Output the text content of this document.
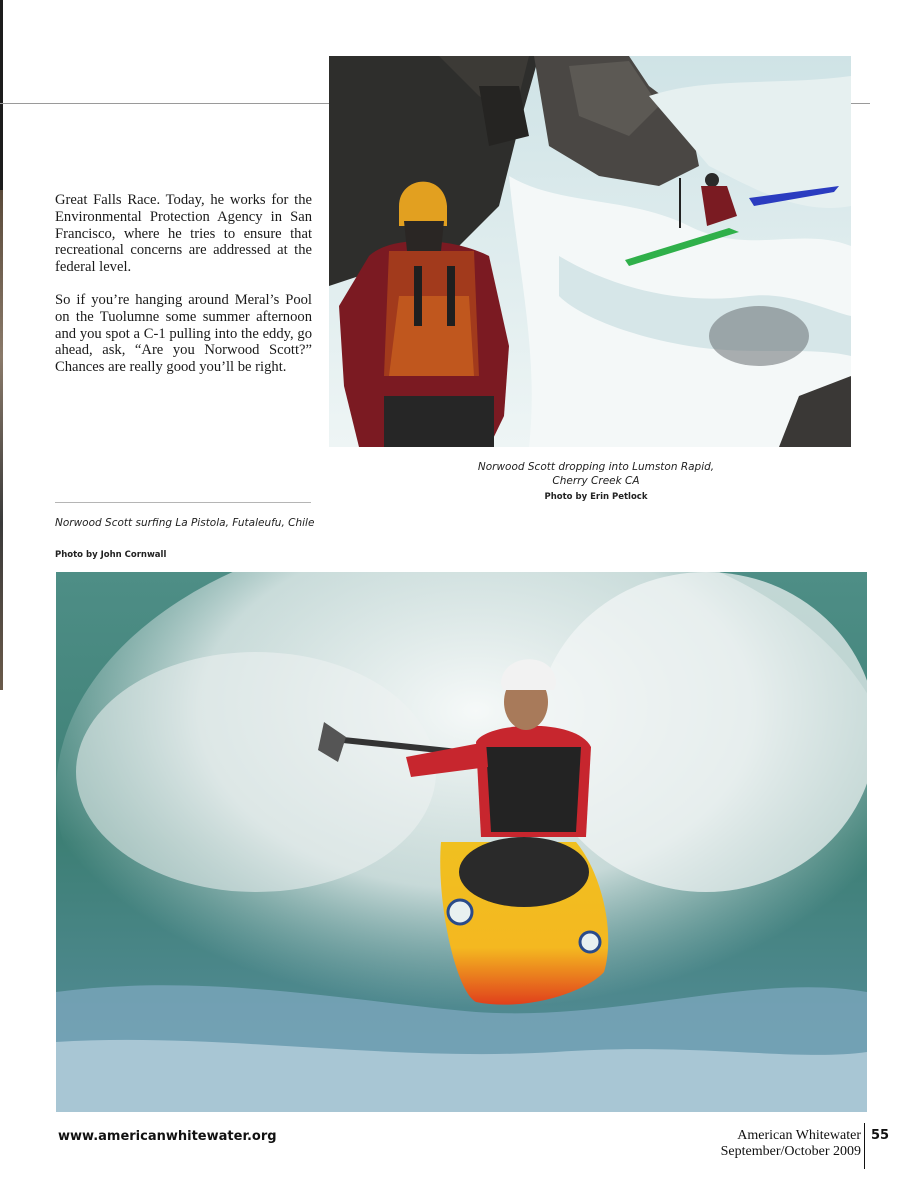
Great Falls Race. Today, he works for the Environmental Protection Agency in San Francisco, where he tries to ensure that recreational concerns are addressed at the federal level.

So if you’re hanging around Meral’s Pool on the Tuolumne some summer afternoon and you spot a C-1 pulling into the eddy, go ahead, ask, “Are you Norwood Scott?” Chances are really good you’ll be right.

Norwood Scott dropping into Lumston Rapid,
Cherry Creek CA
Photo by Erin Petlock
Norwood Scott surfing La Pistola, Futaleufu, Chile
Photo by John Cornwall
www.americanwhitewater.org	American Whitewater
September/October 2009
55
